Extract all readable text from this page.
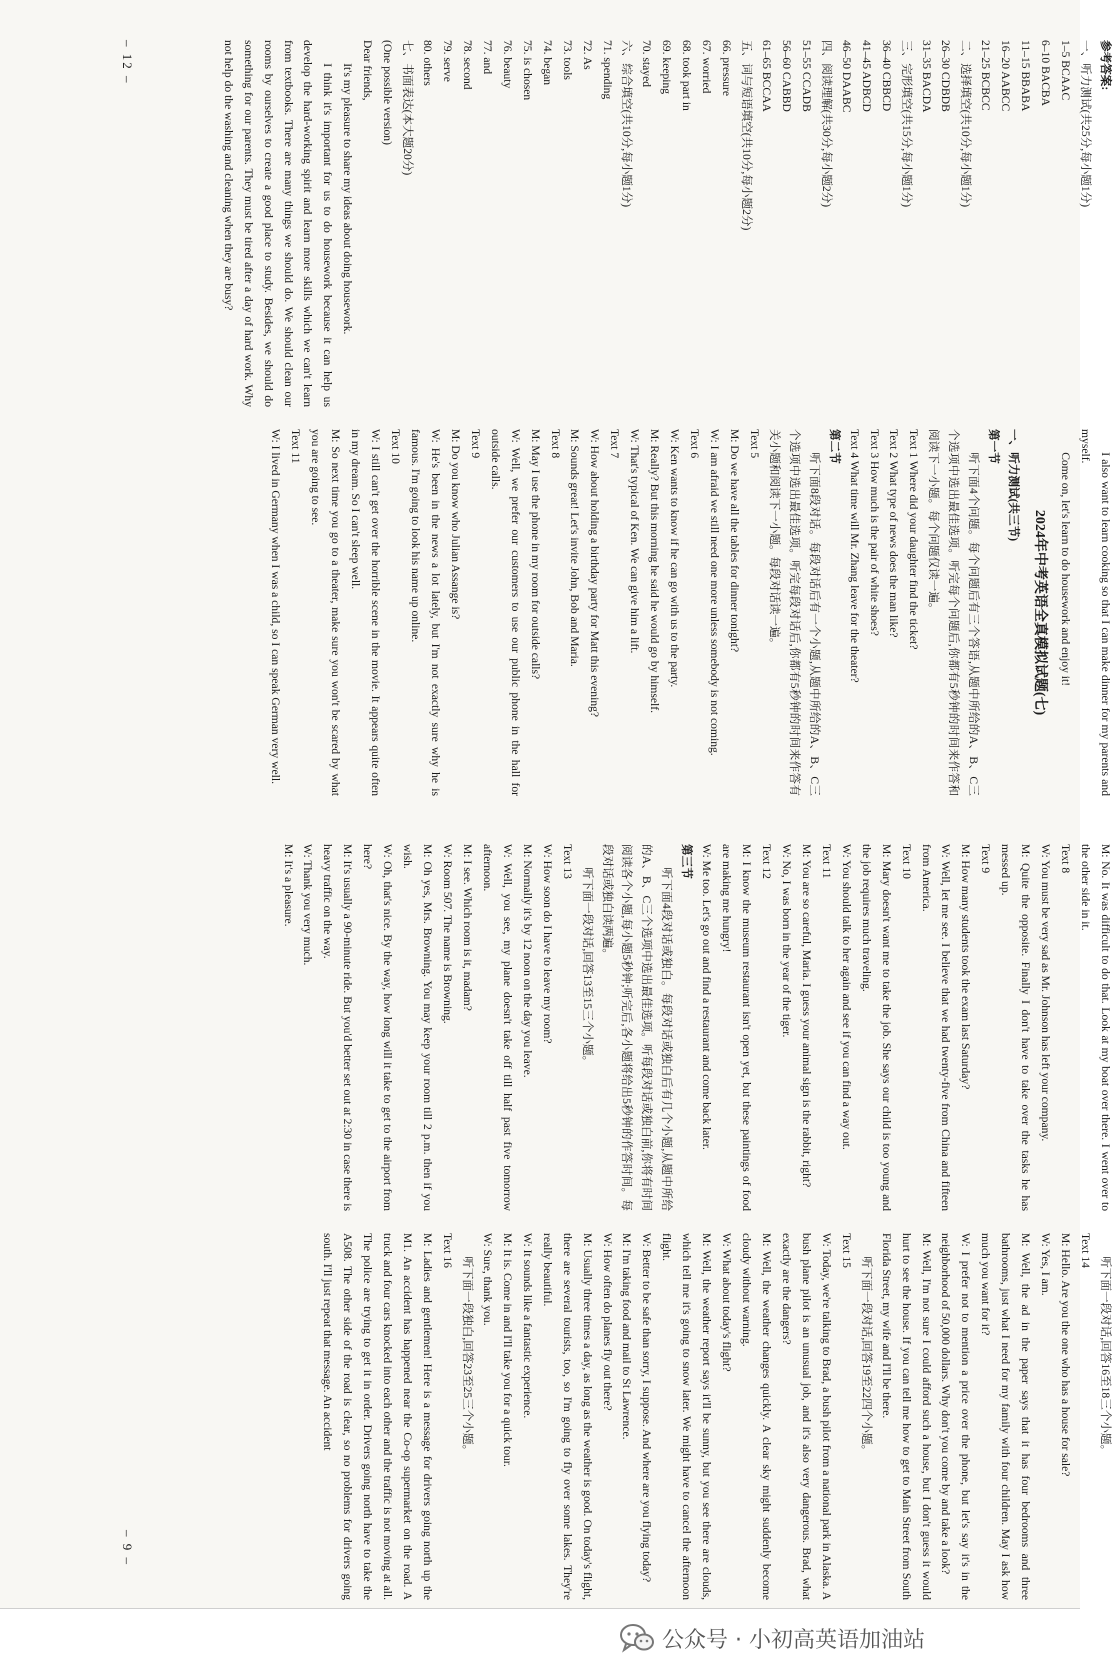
参考答案:
一、听力测试(共25分,每小题1分)
1–5 BCAAC
6–10 BACBA
11–15 BBABA
16–20 AABCC
21–25 BCBCC
二、选择填空(共10分,每小题1分)
26–30 CDBDB
31–35 BACDA
三、完形填空(共15分,每小题1分)
36–40 CBBCD
41–45 ADBCD
46–50 DAABC
四、阅读理解(共30分,每小题2分)
51–55 CCADB
56–60 CABBD
61–65 BCCAA
五、词与短语填空(共10分,每小题2分)
66. pressure
67. worried
68. took part in
69. keeping
70. stayed
六、综合填空(共10分,每小题1分)
71. spending
72. As
73. tools
74. began
75. is chosen
76. beauty
77. and
78. second
79. serve
80. others
七、书面表达(本大题20分)
(One possible version)
Dear friends,
It's my pleasure to share my ideas about doing housework.
I think it's important for us to do housework because it can help us develop the hard-working spirit and learn more skills which we can't learn from textbooks. There are many things we should do. We should clean our rooms by ourselves to create a good place to study. Besides, we should do something for our parents. They must be tired after a day of hard work. Why not help do the washing and cleaning when they are busy?
I also want to learn cooking so that I can make dinner for my parents and myself.
Come on, let's learn to do housework and enjoy it!
2024年中考英语全真模拟试题(七)
一、听力测试(共三节)
第一节
听下面4个问题。每个问题后有三个答语,从题中所给的A、B、C三个选项中选出最佳选项。听完每个问题后,你都有5秒钟的时间来作答和阅读下一小题。每个问题仅读一遍。
Text 1 Where did your daughter find the ticket?
Text 2 What type of news does the man like?
Text 3 How much is the pair of white shoes?
Text 4 What time will Mr. Zhang leave for the theater?
第二节
听下面8段对话。每段对话后有一个小题,从题中所给的A、B、C三个选项中选出最佳选项。听完每段对话后,你都有5秒钟的时间来作答有关小题和阅读下一小题。每段对话读一遍。
Text 5
M: Do we have all the tables for dinner tonight?
W: I am afraid we still need one more unless somebody is not coming.
Text 6
W: Ken wants to know if he can go with us to the party.
M: Really? But this morning he said he would go by himself.
W: That's typical of Ken. We can give him a lift.
Text 7
W: How about holding a birthday party for Matt this evening?
M: Sounds great! Let's invite John, Bob and Maria.
Text 8
M: May I use the phone in my room for outside calls?
W: Well, we prefer our customers to use our public phone in the hall for outside calls.
Text 9
M: Do you know who Julian Assange is?
W: He's been in the news a lot lately, but I'm not exactly sure why he is famous. I'm going to look his name up online.
Text 10
W: I still can't get over the horrible scene in the movie. It appears quite often in my dream. So I can't sleep well.
M: So next time you go to a theater, make sure you won't be scared by what you are going to see.
Text 11
W: I lived in Germany when I was a child, so I can speak German very well.
M: No. It was difficult to do that. Look at my boat over there. I went over to the other side in it.
Text 8
W: You must be very sad as Mr. Johnson has left your company.
M: Quite the opposite. Finally I don't have to take over the tasks he has messed up.
Text 9
M: How many students took the exam last Saturday?
W: Well, let me see. I believe that we had twenty-five from China and fifteen from America.
Text 10
M: Mary doesn't want me to take the job. She says our child is too young and the job requires much traveling.
W: You should talk to her again and see if you can find a way out.
Text 11
M: You are so careful, Maria. I guess your animal sign is the rabbit, right?
W: No, I was born in the year of the tiger.
Text 12
M: I know the museum restaurant isn't open yet, but these paintings of food are making me hungry!
W: Me too. Let's go out and find a restaurant and come back later.
第三节
听下面4段对话或独白。每段对话或独白后有几个小题,从题中所给的A、B、C三个选项中选出最佳选项。听每段对话或独白前,你将有时间阅读各个小题,每小题5秒钟;听完后,各小题将给出5秒钟的作答时间。每段对话或独白读两遍。
听下面一段对话,回答13至15三个小题。
Text 13
W: How soon do I have to leave my room?
M: Normally it's by 12 noon on the day you leave.
W: Well, you see, my plane doesn't take off till half past five tomorrow afternoon.
M: I see. Which room is it, madam?
W: Room 507. The name is Browning.
M: Oh yes, Mrs. Browning. You may keep your room till 2 p.m. then if you wish.
W: Oh, that's nice. By the way, how long will it take to get to the airport from here?
M: It's usually a 90-minute ride. But you'd better set out at 2:30 in case there is heavy traffic on the way.
W: Thank you very much.
M: It's a pleasure.
听下面一段对话,回答16至18三个小题。
Text 14
M: Hello. Are you the one who has a house for sale?
W: Yes, I am.
M: Well, the ad in the paper says that it has four bedrooms and three bathrooms, just what I need for my family with four children. May I ask how much you want for it?
W: I prefer not to mention a price over the phone, but let's say it's in the neighborhood of 50,000 dollars. Why don't you come by and take a look?
M: Well, I'm not sure I could afford such a house, but I don't guess it would hurt to see the house. If you can tell me how to get to Main Street from South Florida Street, my wife and I'll be there.
听下面一段对话,回答19至22四个小题。
Text 15
W: Today, we're talking to Brad, a bush pilot from a national park in Alaska. A bush plane pilot is an unusual job, and it's also very dangerous. Brad, what exactly are the dangers?
M: Well, the weather changes quickly. A clear sky might suddenly become cloudy without warning.
W: What about today's flight?
M: Well, the weather report says it'll be sunny, but you see there are clouds, which tell me it's going to snow later. We might have to cancel the afternoon flight.
W: Better to be safe than sorry, I suppose. And where are you flying today?
M: I'm taking food and mail to St Lawrence.
W: How often do planes fly out there?
M: Usually three times a day, as long as the weather is good. On today's flight, there are several tourists, too, so I'm going to fly over some lakes. They're really beautiful.
W: It sounds like a fantastic experience.
M: It is. Come in and I'll take you for a quick tour.
W: Sure, thank you.
听下面一段独白,回答23至25三个小题。
Text 16
M: Ladies and gentlemen! Here is a message for drivers going north up the M1. An accident has happened near the Co-op supermarket on the road. A truck and four cars knocked into each other and the traffic is not moving at all. The police are trying to get it in order. Drivers going north have to take the A508. The other side of the road is clear, so no problems for drivers going south. I'll just repeat that message. An accident
– 12 –
– 9 –
公众号 · 小初高英语加油站
